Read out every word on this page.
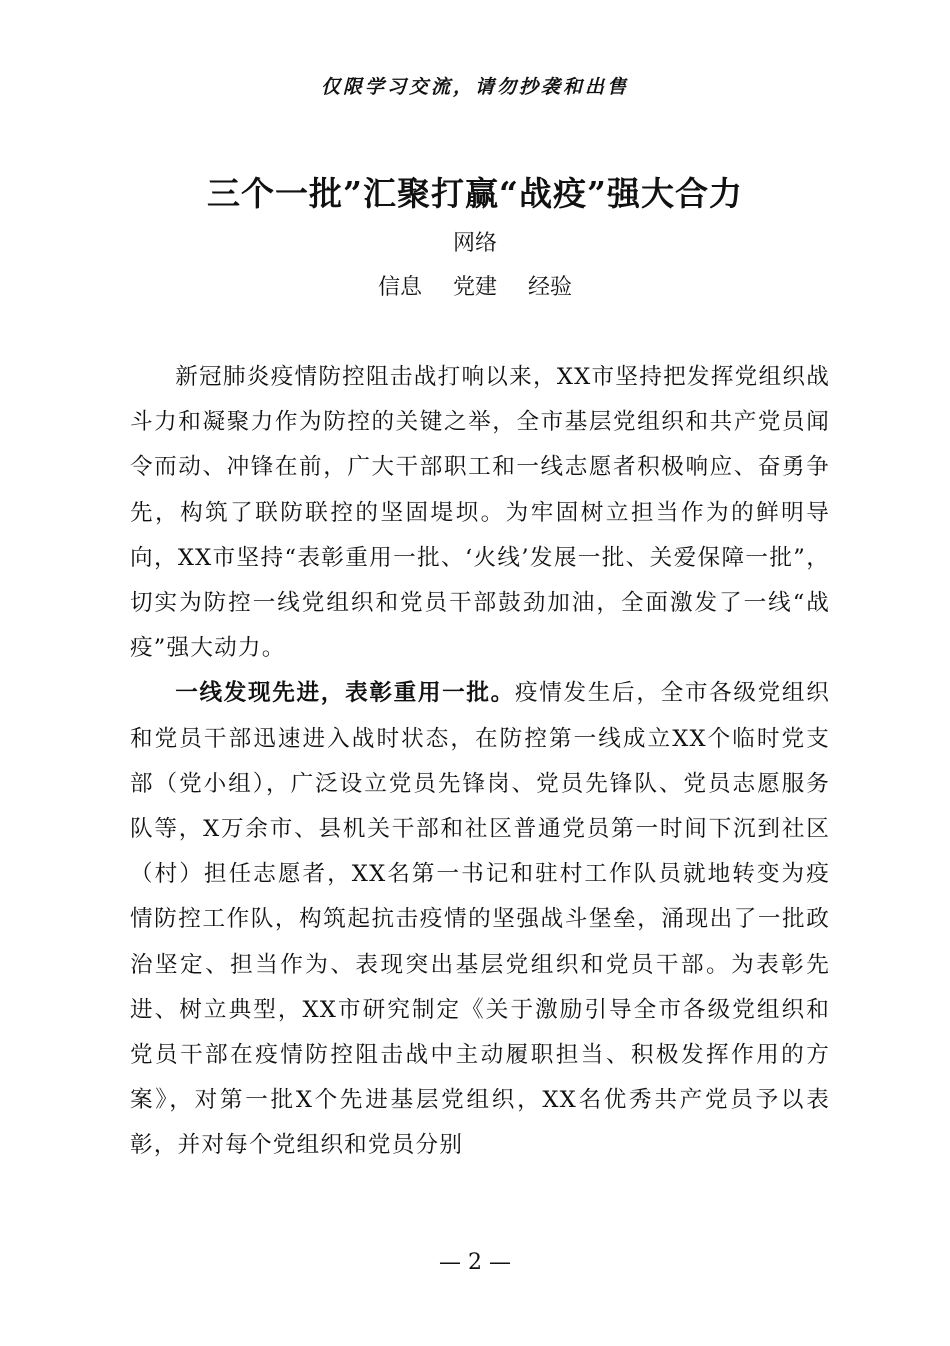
仅限学习交流，请勿抄袭和出售
三个一批”汇聚打赢“战疫”强大合力
网络
信息 党建 经验

新冠肺炎疫情防控阻击战打响以来，XX市坚持把发挥党组织战斗力和凝聚力作为防控的关键之举，全市基层党组织和共产党员闻令而动、冲锋在前，广大干部职工和一线志愿者积极响应、奋勇争先，构筑了联防联控的坚固堤坝。为牢固树立担当作为的鲜明导向，XX市坚持“表彰重用一批、‘火线’发展一批、关爱保障一批”，切实为防控一线党组织和党员干部鼓劲加油，全面激发了一线“战疫”强大动力。

一线发现先进，表彰重用一批。疫情发生后，全市各级党组织和党员干部迅速进入战时状态，在防控第一线成立XX个临时党支部（党小组），广泛设立党员先锋岗、党员先锋队、党员志愿服务队等，X万余市、县机关干部和社区普通党员第一时间下沉到社区（村）担任志愿者，XX名第一书记和驻村工作队员就地转变为疫情防控工作队，构筑起抗击疫情的坚强战斗堡垒，涌现出了一批政治坚定、担当作为、表现突出基层党组织和党员干部。为表彰先进、树立典型，XX市研究制定《关于激励引导全市各级党组织和党员干部在疫情防控阻击战中主动履职担当、积极发挥作用的方案》，对第一批X个先进基层党组织，XX名优秀共产党员予以表彰，并对每个党组织和党员分别

— 2 —
